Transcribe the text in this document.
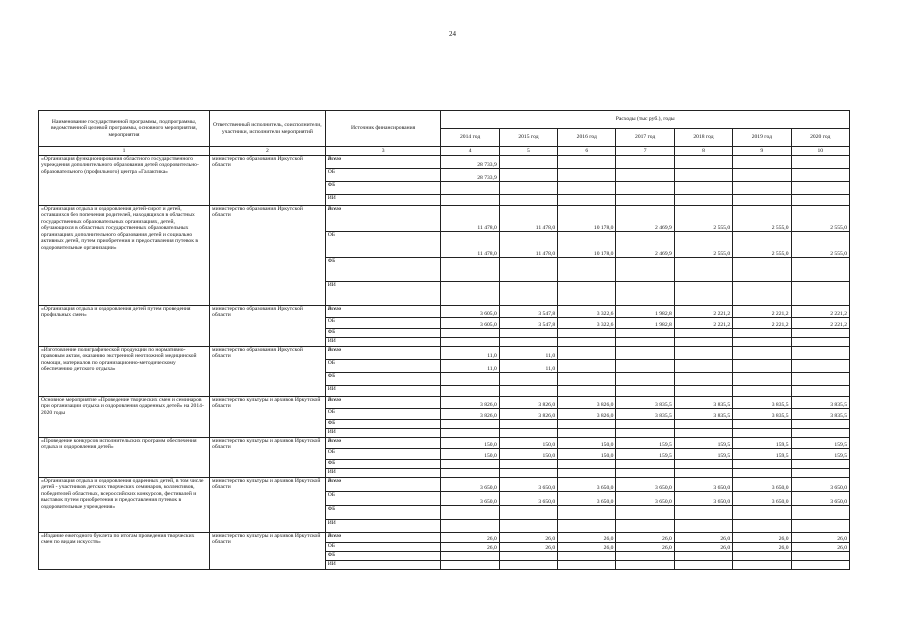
24
Наименование государственной программы, подпрограммы, ведомственной целевой программы, основного мероприятия, мероприятия	Ответственный исполнитель, соисполнители, участники, исполнители мероприятий	Источник финансирования	Расходы (тыс руб.), годы						
			2014 год	2015 год	2016 год	2017 год	2018 год	2019 год	2020 год
1	2	3	4	5	6	7	8	9	10
«Организация функционирования областного государственного учреждения дополнительного образования детей оздоровительно-образовательного (профильного) центра «Галактика»	министерство образования Иркутской области	Всего	28 733,9						
		ОБ	28 733,9						
		ФБ							
		ИИ							
«Организация отдыха и оздоровления детей-сирот и детей, оставшихся без попечения родителей, находящихся в областных государственных образовательных организациях, детей, обучающихся в областных государственных образовательных организациях дополнительного образования детей и социально активных детей, путем приобретения и предоставления путевок в оздоровительные организации»	министерство образования Иркутской области	Всего	11 478,0	11 478,0	10 178,0	2 469,9	2 555,0	2 555,0	2 555,0
		ОБ	11 478,0	11 478,0	10 178,0	2 469,9	2 555,0	2 555,0	2 555,0
		ФБ							
		ИИ							
«Организация отдыха и оздоровления детей путем проведения профильных смен»	министерство образования Иркутской области	Всего	3 605,0	3 547,8	3 322,6	1 982,8	2 221,2	2 221,2	2 221,2
		ОБ	3 605,0	3 547,8	3 322,6	1 982,8	2 221,2	2 221,2	2 221,2
		ФБ							
		ИИ							
«Изготовление полиграфической продукции по нормативно-правовым актам, оказанию экстренной неотложной медицинской помощи, материалов по организационно-методическому обеспечению детского отдыха»	министерство образования Иркутской области	Всего	11,0	11,0					
		ОБ	11,0	11,0					
		ФБ							
		ИИ							
Основное мероприятие «Проведение творческих смен и семинаров при организации отдыха и оздоровления одаренных детей» на 2014-2020 годы	министерство культуры и архивов Иркутской области	Всего	3 826,0	3 826,0	3 826,0	3 835,5	3 835,5	3 835,5	3 835,5
		ОБ	3 826,0	3 826,0	3 826,0	3 835,5	3 835,5	3 835,5	3 835,5
		ФБ							
		ИИ							
«Проведение конкурсов исполнительских программ обеспечения отдыха и оздоровления детей»	министерство культуры и архивов Иркутской области	Всего	150,0	150,0	150,0	159,5	159,5	159,5	159,5
		ОБ	150,0	150,0	150,0	159,5	159,5	159,5	159,5
		ФБ							
		ИИ							
«Организация отдыха и оздоровления одаренных детей, в том числе детей - участников детских творческих семинаров, коллективов, победителей областных, всероссийских конкурсов, фестивалей и выставок путем приобретения и предоставления путевок в оздоровительные учреждения»	министерство культуры и архивов Иркутской области	Всего	3 650,0	3 650,0	3 650,0	3 650,0	3 650,0	3 650,0	3 650,0
		ОБ	3 650,0	3 650,0	3 650,0	3 650,0	3 650,0	3 650,0	3 650,0
		ФБ							
		ИИ							
«Издание ежегодного буклета по итогам проведения творческих смен по видам искусств»	министерство культуры и архивов Иркутской области	Всего	26,0	26,0	26,0	26,0	26,0	26,0	26,0
		ОБ	26,0	26,0	26,0	26,0	26,0	26,0	26,0
		ФБ							
		ИИ							
